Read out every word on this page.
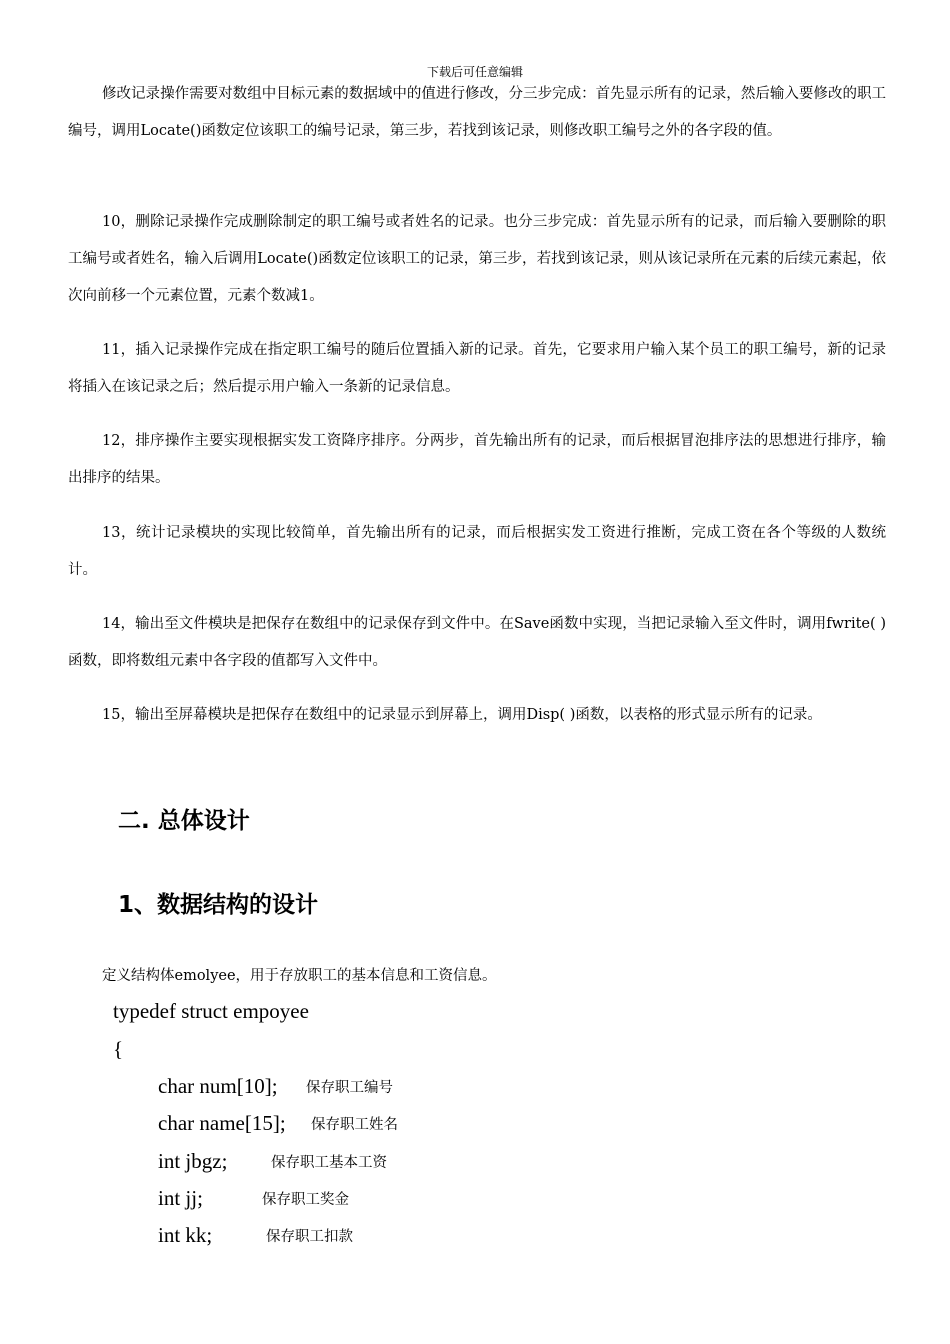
下载后可任意编辑

修改记录操作需要对数组中目标元素的数据域中的值进行修改，分三步完成：首先显示所有的记录，然后输入要修改的职工编号，调用Locate()函数定位该职工的编号记录，第三步，若找到该记录，则修改职工编号之外的各字段的值。

10，删除记录操作完成删除制定的职工编号或者姓名的记录。也分三步完成：首先显示所有的记录，而后输入要删除的职工编号或者姓名，输入后调用Locate()函数定位该职工的记录，第三步，若找到该记录，则从该记录所在元素的后续元素起，依次向前移一个元素位置，元素个数减1。

11，插入记录操作完成在指定职工编号的随后位置插入新的记录。首先，它要求用户输入某个员工的职工编号，新的记录将插入在该记录之后；然后提示用户输入一条新的记录信息。

12，排序操作主要实现根据实发工资降序排序。分两步，首先输出所有的记录，而后根据冒泡排序法的思想进行排序，输出排序的结果。

13，统计记录模块的实现比较简单，首先输出所有的记录，而后根据实发工资进行推断，完成工资在各个等级的人数统计。

14，输出至文件模块是把保存在数组中的记录保存到文件中。在Save函数中实现，当把记录输入至文件时，调用fwrite( )函数，即将数组元素中各字段的值都写入文件中。

15，输出至屏幕模块是把保存在数组中的记录显示到屏幕上，调用Disp( )函数，以表格的形式显示所有的记录。

二. 总体设计
1、数据结构的设计

定义结构体emolyee，用于存放职工的基本信息和工资信息。

typedef struct empoyee
{
char num[10]; 保存职工编号
char name[15]; 保存职工姓名
int jbgz;	保存职工基本工资
int jj;	保存职工奖金
int kk;	保存职工扣款
